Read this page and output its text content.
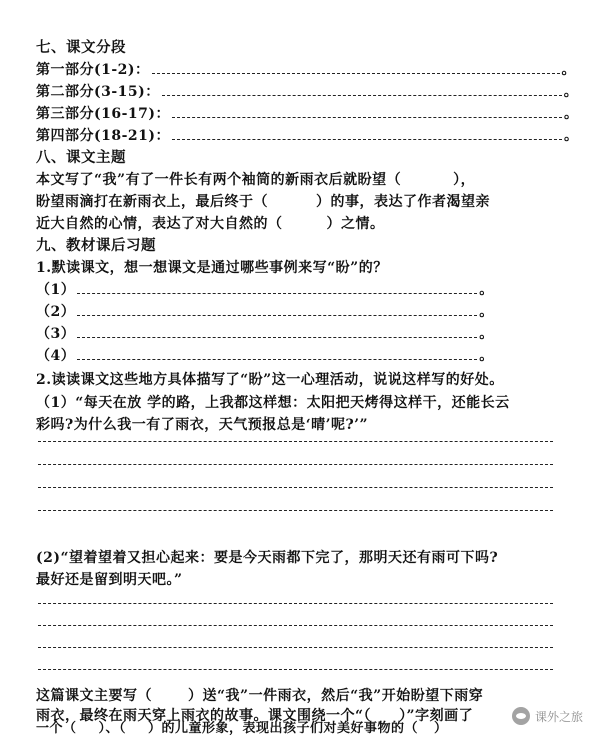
七、课文分段
第一部分(1-2)：	。
第二部分(3-15)：	。
第三部分(16-17)：	。
第四部分(18-21)：	。
八、课文主题
本文写了“我”有了一件长有两个袖筒的新雨衣后就盼望（	），
盼望雨滴打在新雨衣上，最后终于（	）的事，表达了作者渴望亲
近大自然的心情，表达了对大自然的（	）之情。
九、教材课后习题
1.默读课文，想一想课文是通过哪些事例来写“盼”的？
（1）	。
（2）	。
（3）	。
（4）	。
2.读读课文这些地方具体描写了“盼”这一心理活动，说说这样写的好处。
（1）“每天在放 学的路，上我都这样想：太阳把天烤得这样干，还能长云
彩吗?为什么我一有了雨衣，天气预报总是‘晴’呢?’”
(2)“望着望着又担心起来：要是今天雨都下完了，那明天还有雨可下吗?
最好还是留到明天吧。”
这篇课文主要写（	）送“我”一件雨衣，然后“我”开始盼望下雨穿
雨衣，最终在雨天穿上雨衣的故事。课文围绕一个“（ ）”字刻画了
一个（ ）、（ ）的儿童形象，表现出孩子们对美好事物的（ ）
课外之旅
